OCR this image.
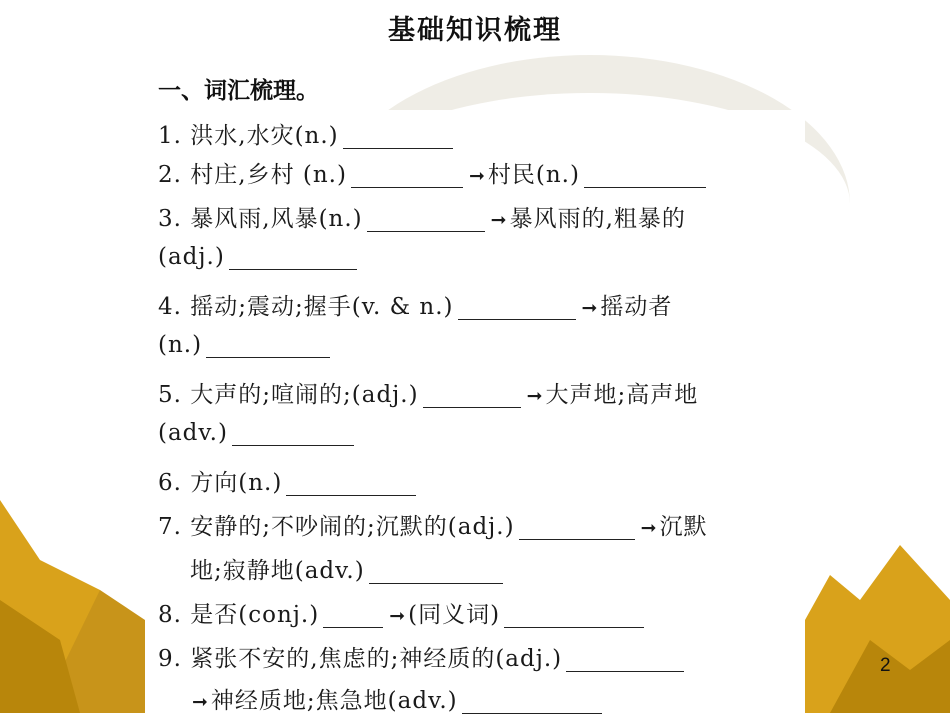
基础知识梳理
一、词汇梳理。
1. 洪水,水灾(n.)
2. 村庄,乡村 (n.)	➞村民(n.)
3. 暴风雨,风暴(n.)	➞暴风雨的,粗暴的
(adj.)
4. 摇动;震动;握手(v. & n.)	➞摇动者
(n.)
5. 大声的;喧闹的;(adj.)	➞大声地;高声地
(adv.)
6. 方向(n.)
7. 安静的;不吵闹的;沉默的(adj.)	➞沉默
地;寂静地(adv.)
8. 是否(conj.)	➞(同义词)
9. 紧张不安的,焦虑的;神经质的(adj.)
➞神经质地;焦急地(adv.)
2
